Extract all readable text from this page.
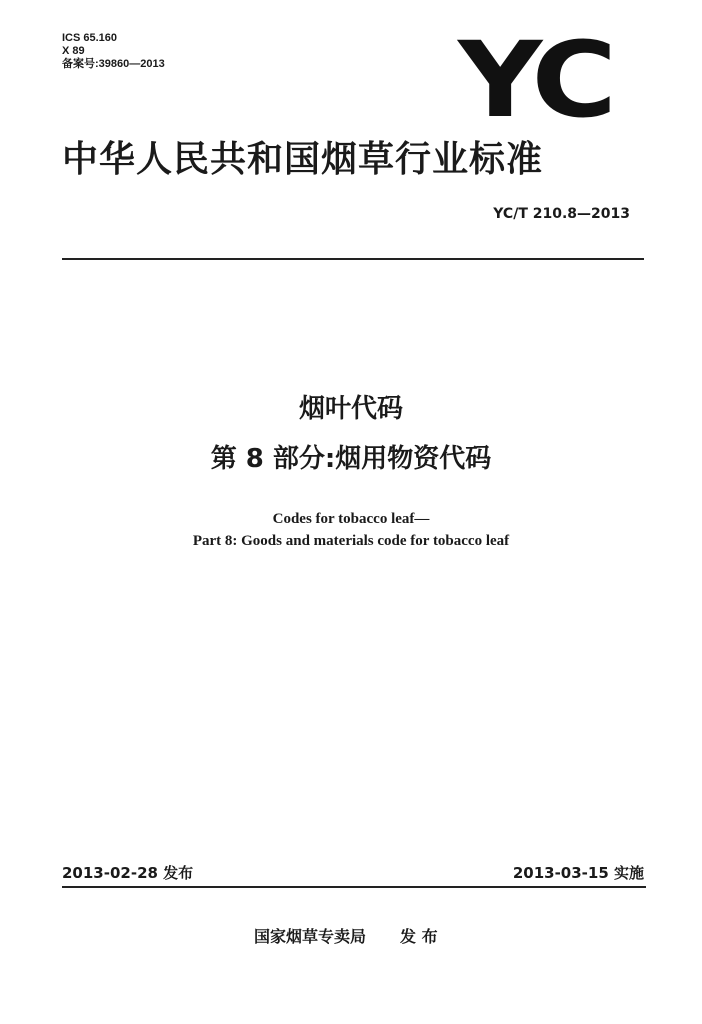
ICS 65.160
X 89
备案号:39860—2013	YC
中华人民共和国烟草行业标准
YC/T 210.8—2013
烟叶代码
第 8 部分:烟用物资代码
Codes for tobacco leaf—
Part 8: Goods and materials code for tobacco leaf
2013-02-28 发布	2013-03-15 实施
国家烟草专卖局 发 布
